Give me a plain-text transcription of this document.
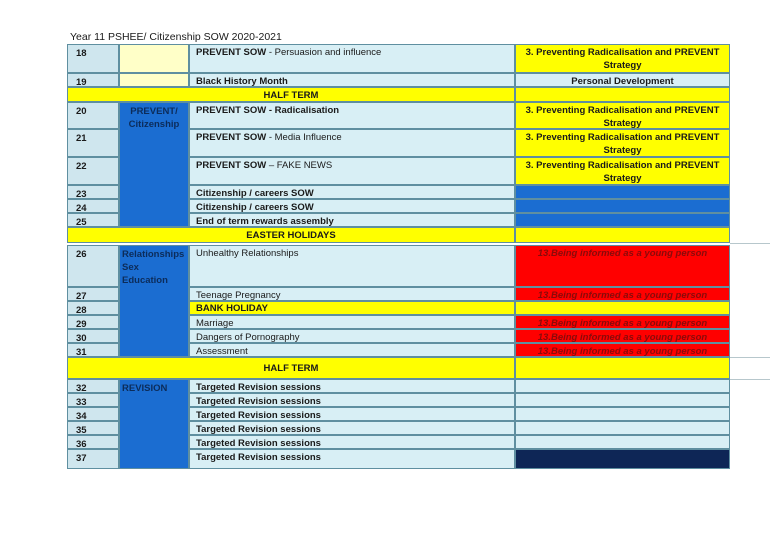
Year 11 PSHEE/ Citizenship SOW 2020-2021
18	PREVENT SOW - Persuasion and influence	3. Preventing Radicalisation and PREVENT Strategy
19	Black History Month	Personal Development
HALF TERM
PREVENT/ Citizenship
20	PREVENT SOW - Radicalisation	3. Preventing Radicalisation and PREVENT Strategy
21	PREVENT SOW - Media Influence	3. Preventing Radicalisation and PREVENT Strategy
22	PREVENT SOW – FAKE NEWS	3. Preventing Radicalisation and PREVENT Strategy
23	Citizenship / careers SOW
24	Citizenship / careers SOW
25	End of term rewards assembly
EASTER HOLIDAYS
Relationships Sex Education
26	Unhealthy Relationships	13.Being informed as a young person
27	Teenage Pregnancy	13.Being informed as a young person
28	BANK HOLIDAY
29	Marriage	13.Being informed as a young person
30	Dangers of Pornography	13.Being informed as a young person
31	Assessment	13.Being informed as a young person
HALF TERM
REVISION
32	Targeted Revision sessions
33	Targeted Revision sessions
34	Targeted Revision sessions
35	Targeted Revision sessions
36	Targeted Revision sessions
37	Targeted Revision sessions
